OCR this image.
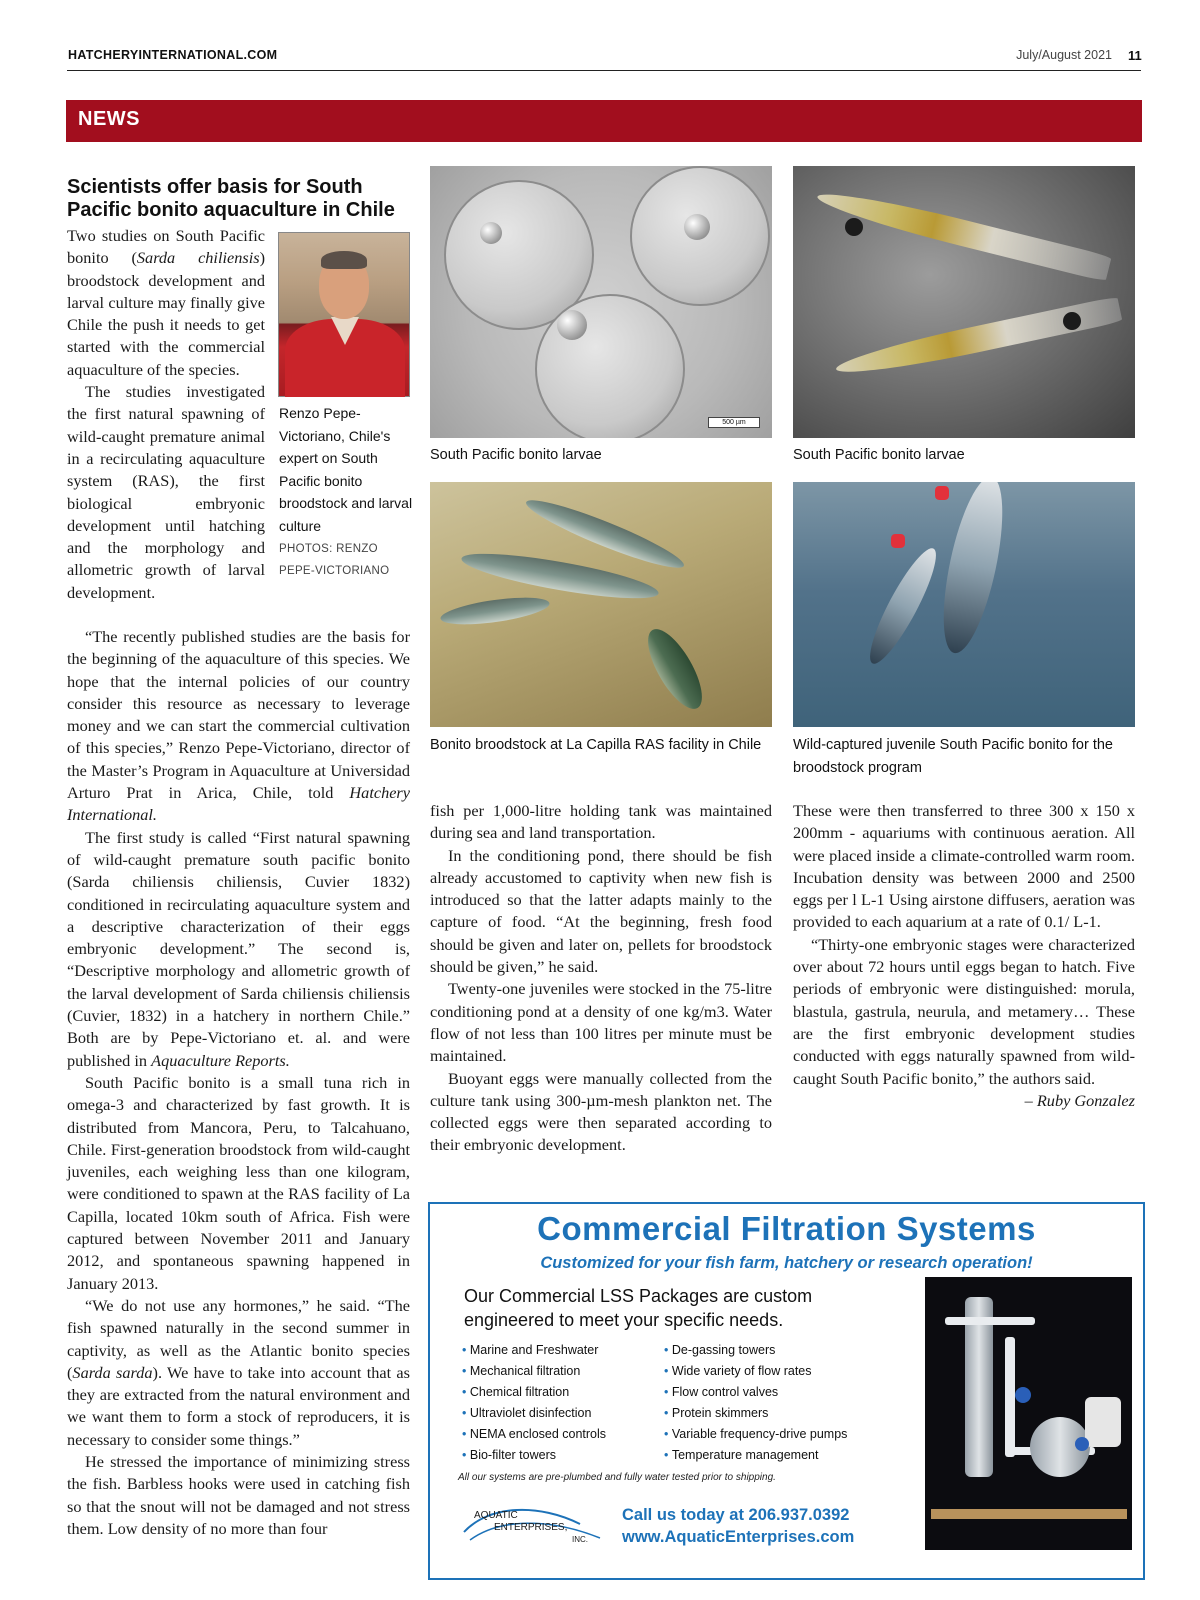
HATCHERYINTERNATIONAL.COM	July/August 2021 11
NEWS
Scientists offer basis for South Pacific bonito aquaculture in Chile
Renzo Pepe-Victoriano, Chile's expert on South Pacific bonito broodstock and larval culture
PHOTOS: RENZO PEPE-VICTORIANO

Two studies on South Pacific bonito (Sarda chiliensis) broodstock development and larval culture may finally give Chile the push it needs to get started with the commercial aquaculture of the species.

The studies investigated the first natural spawning of wild-caught premature animal in a recirculating aquaculture system (RAS), the first biological embryonic development until hatching and the morphology and allometric growth of larval development.

“The recently published studies are the basis for the beginning of the aquaculture of this species. We hope that the internal policies of our country consider this resource as necessary to leverage money and we can start the commercial cultivation of this species,” Renzo Pepe-Victoriano, director of the Master’s Program in Aquaculture at Universidad Arturo Prat in Arica, Chile, told Hatchery International.

The first study is called “First natural spawning of wild-caught premature south pacific bonito (Sarda chiliensis chiliensis, Cuvier 1832) conditioned in recirculating aquaculture system and a descriptive characterization of their eggs embryonic development.” The second is, “Descriptive morphology and allometric growth of the larval development of Sarda chiliensis chiliensis (Cuvier, 1832) in a hatchery in northern Chile.” Both are by Pepe-Victoriano et. al. and were published in Aquaculture Reports.

South Pacific bonito is a small tuna rich in omega-3 and characterized by fast growth. It is distributed from Mancora, Peru, to Talcahuano, Chile. First-generation broodstock from wild-caught juveniles, each weighing less than one kilogram, were conditioned to spawn at the RAS facility of La Capilla, located 10km south of Africa. Fish were captured between November 2011 and January 2012, and spontaneous spawning happened in January 2013.

“We do not use any hormones,” he said. “The fish spawned naturally in the second summer in captivity, as well as the Atlantic bonito species (Sarda sarda). We have to take into account that as they are extracted from the natural environment and we want them to form a stock of reproducers, it is necessary to consider some things.”

He stressed the importance of minimizing stress the fish. Barbless hooks were used in catching fish so that the snout will not be damaged and not stress them. Low density of no more than four

500 µm
South Pacific bonito larvae	South Pacific bonito larvae
Bonito broodstock at La Capilla RAS facility in Chile	Wild-captured juvenile South Pacific bonito for the broodstock program

fish per 1,000-litre holding tank was maintained during sea and land transportation.

In the conditioning pond, there should be fish already accustomed to captivity when new fish is introduced so that the latter adapts mainly to the capture of food. “At the beginning, fresh food should be given and later on, pellets for broodstock should be given,” he said.

Twenty-one juveniles were stocked in the 75-litre conditioning pond at a density of one kg/m3. Water flow of not less than 100 litres per minute must be maintained.

Buoyant eggs were manually collected from the culture tank using 300-µm-mesh plankton net. The collected eggs were then separated according to their embryonic development.

These were then transferred to three 300 x 150 x 200mm - aquariums with continuous aeration. All were placed inside a climate-controlled warm room. Incubation density was between 2000 and 2500 eggs per l L-1 Using airstone diffusers, aeration was provided to each aquarium at a rate of 0.1/ L-1.

“Thirty-one embryonic stages were characterized over about 72 hours until eggs began to hatch. Five periods of embryonic were distinguished: morula, blastula, gastrula, neurula, and metamery… These are the first embryonic development studies conducted with eggs naturally spawned from wild-caught South Pacific bonito,” the authors said.

– Ruby Gonzalez

Commercial Filtration Systems
Customized for your fish farm, hatchery or research operation!
Our Commercial LSS Packages are custom engineered to meet your specific needs.
• Marine and Freshwater
• Mechanical filtration
• Chemical filtration
• Ultraviolet disinfection
• NEMA enclosed controls
• Bio-filter towers
• De-gassing towers
• Wide variety of flow rates
• Flow control valves
• Protein skimmers
• Variable frequency-drive pumps
• Temperature management
All our systems are pre-plumbed and fully water tested prior to shipping.
AQUATIC
ENTERPRISES,
INC.
Call us today at 206.937.0392
www.AquaticEnterprises.com
